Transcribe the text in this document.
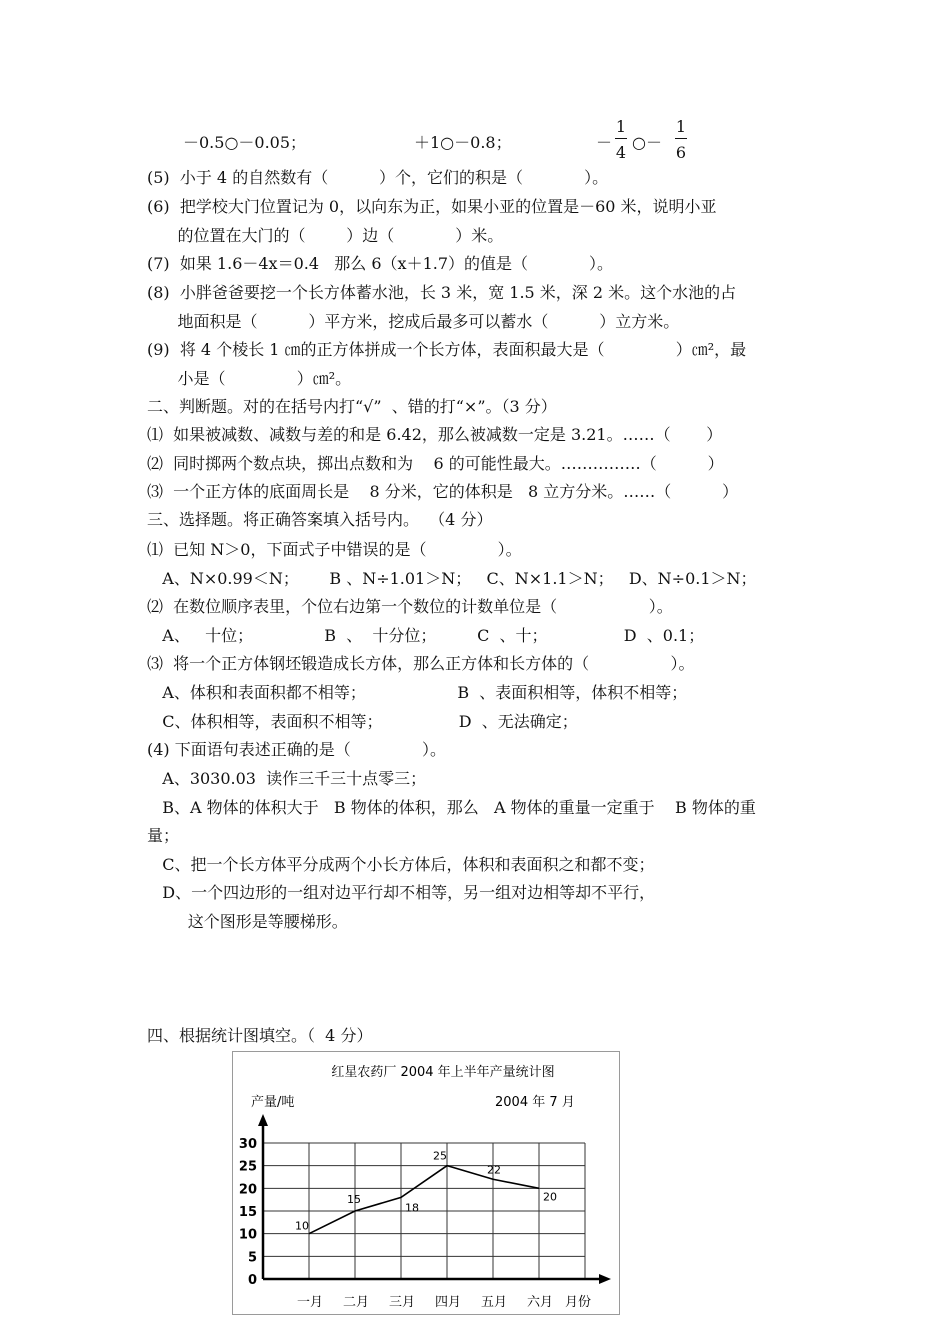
－0.5○－0.05；	＋1○－0.8；	－
1
4
○－
1
6
(5)  小于 4 的自然数有（          ）个，它们的积是（            ）。
(6)  把学校大门位置记为 0，以向东为正，如果小亚的位置是－60 米，说明小亚
的位置在大门的（        ）边（            ）米。
(7)  如果 1.6－4x＝0.4   那么 6（x＋1.7）的值是（            ）。
(8)  小胖爸爸要挖一个长方体蓄水池，长 3 米，宽 1.5 米，深 2 米。这个水池的占
地面积是（          ）平方米，挖成后最多可以蓄水（          ）立方米。
(9)  将 4 个棱长 1 ㎝的正方体拼成一个长方体，表面积最大是（              ）㎝²，最
小是（              ）㎝²。
二、判断题。对的在括号内打“√”  、错的打“×”。（3 分）
⑴  如果被减数、减数与差的和是 6.42，那么被减数一定是 3.21。……（       ）
⑵  同时掷两个数点块，掷出点数和为    6 的可能性最大。……………（          ）
⑶  一个正方体的底面周长是    8 分米，它的体积是   8 立方分米。……（          ）
三、选择题。将正确答案填入括号内。  （4 分）
⑴  已知 N＞0，下面式子中错误的是（              ）。
A、N×0.99＜N；      B 、N÷1.01＞N；   C、N×1.1＞N；   D、N÷0.1＞N；
⑵  在数位顺序表里，个位右边第一个数位的计数单位是（                  ）。
A、   十位；              B  、  十分位；        C  、十；               D  、0.1；
⑶  将一个正方体钢坯锻造成长方体，那么正方体和长方体的（                ）。
A、体积和表面积都不相等；                  B  、表面积相等，体积不相等；
C、体积相等，表面积不相等；               D  、无法确定；
(4) 下面语句表述正确的是（              ）。
A、3030.03  读作三千三十点零三；
B、A 物体的体积大于   B 物体的体积，那么   A 物体的重量一定重于    B 物体的重
量；
C、把一个长方体平分成两个小长方体后，体积和表面积之和都不变；
D、一个四边形的一组对边平行却不相等，另一组对边相等却不平行，
这个图形是等腰梯形。
四、根据统计图填空。（  4 分）
红星农药厂 2004 年上半年产量统计图
产量/吨	2004 年 7 月
0
5
10
15
20
25
30
一月 二月 三月 四月 五月 六月
10
15
18
25
22
20
月份
